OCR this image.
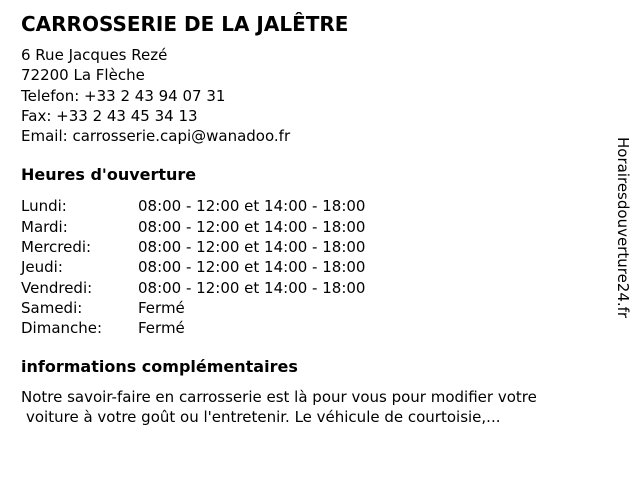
CARROSSERIE DE LA JALÊTRE
6 Rue Jacques Rezé
72200 La Flèche
Telefon: +33 2 43 94 07 31
Fax: +33 2 43 45 34 13
Email: carrosserie.capi@wanadoo.fr
Heures d'ouverture
Lundi:	08:00 - 12:00 et 14:00 - 18:00
Mardi:	08:00 - 12:00 et 14:00 - 18:00
Mercredi:	08:00 - 12:00 et 14:00 - 18:00
Jeudi:	08:00 - 12:00 et 14:00 - 18:00
Vendredi:	08:00 - 12:00 et 14:00 - 18:00
Samedi:	Fermé
Dimanche:	Fermé
informations complémentaires
Notre savoir-faire en carrosserie est là pour vous pour modifier votre
voiture à votre goût ou l'entretenir. Le véhicule de courtoisie,...
Horairesdouverture24.fr
